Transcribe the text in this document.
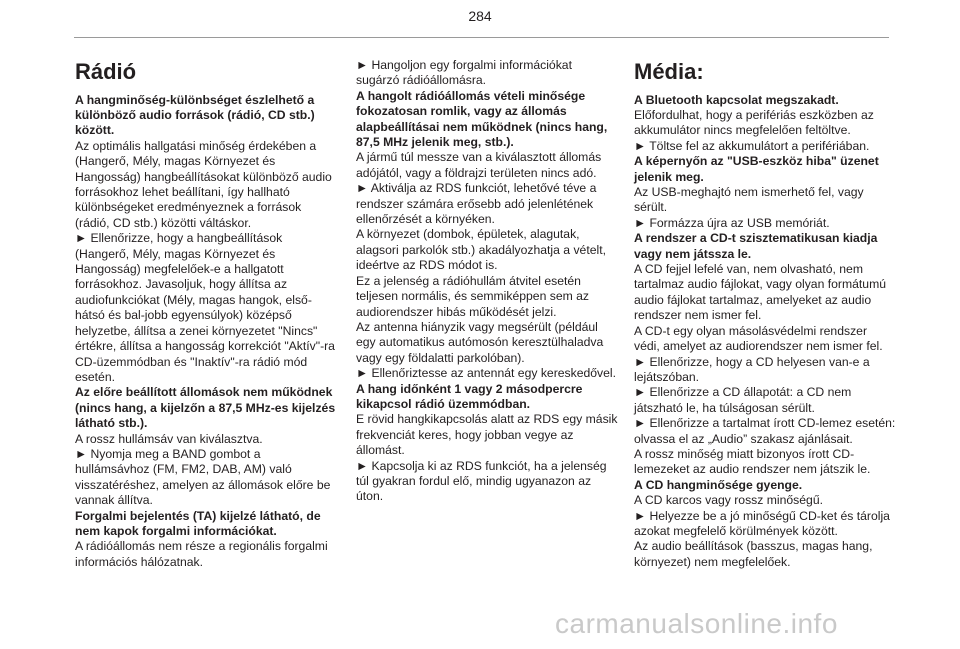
284
Rádió

A hangminőség-különbséget észlelhető a különböző audio források (rádió, CD stb.) között.

Az optimális hallgatási minőség érdekében a (Hangerő, Mély, magas Környezet és Hangosság) hangbeállításokat különböző audio forrásokhoz lehet beállítani, így hallható különbségeket eredményeznek a források (rádió, CD stb.) közötti váltáskor.

► Ellenőrizze, hogy a hangbeállítások (Hangerő, Mély, magas Környezet és Hangosság) megfelelőek-e a hallgatott forrásokhoz. Javasoljuk, hogy állítsa az audiofunkciókat (Mély, magas hangok, első-hátsó és bal-jobb egyensúlyok) középső helyzetbe, állítsa a zenei környezetet "Nincs" értékre, állítsa a hangosság korrekciót "Aktív"-ra CD-üzemmódban és "Inaktív"-ra rádió mód esetén.

Az előre beállított állomások nem működnek (nincs hang, a kijelzőn a 87,5 MHz-es kijelzés látható stb.).

A rossz hullámsáv van kiválasztva.

► Nyomja meg a BAND gombot a hullámsávhoz (FM, FM2, DAB, AM) való visszatéréshez, amelyen az állomások előre be vannak állítva.

Forgalmi bejelentés (TA) kijelzé látható, de nem kapok forgalmi információkat.

A rádióállomás nem része a regionális forgalmi információs hálózatnak.

► Hangoljon egy forgalmi információkat sugárzó rádióállomásra.

A hangolt rádióállomás vételi minősége fokozatosan romlik, vagy az állomás alapbeállításai nem működnek (nincs hang, 87,5 MHz jelenik meg, stb.).

A jármű túl messze van a kiválasztott állomás adójától, vagy a földrajzi területen nincs adó.

► Aktiválja az RDS funkciót, lehetővé téve a rendszer számára erősebb adó jelenlétének ellenőrzését a környéken.

A környezet (dombok, épületek, alagutak, alagsori parkolók stb.) akadályozhatja a vételt, ideértve az RDS módot is.

Ez a jelenség a rádióhullám átvitel esetén teljesen normális, és semmiképpen sem az audiorendszer hibás működését jelzi.

Az antenna hiányzik vagy megsérült (például egy automatikus autómosón keresztülhaladva vagy egy földalatti parkolóban).

► Ellenőriztesse az antennát egy kereskedővel.

A hang időnként 1 vagy 2 másodpercre kikapcsol rádió üzemmódban.

E rövid hangkikapcsolás alatt az RDS egy másik frekvenciát keres, hogy jobban vegye az állomást.

► Kapcsolja ki az RDS funkciót, ha a jelenség túl gyakran fordul elő, mindig ugyanazon az úton.

Média:

A Bluetooth kapcsolat megszakadt.

Előfordulhat, hogy a perifériás eszközben az akkumulátor nincs megfelelően feltöltve.

► Töltse fel az akkumulátort a perifériában.

A képernyőn az "USB-eszköz hiba" üzenet jelenik meg.

Az USB-meghajtó nem ismerhető fel, vagy sérült.

► Formázza újra az USB memóriát.

A rendszer a CD-t szisztematikusan kiadja vagy nem játssza le.

A CD fejjel lefelé van, nem olvasható, nem tartalmaz audio fájlokat, vagy olyan formátumú audio fájlokat tartalmaz, amelyeket az audio rendszer nem ismer fel.

A CD-t egy olyan másolásvédelmi rendszer védi, amelyet az audiorendszer nem ismer fel.

► Ellenőrizze, hogy a CD helyesen van-e a lejátszóban.

► Ellenőrizze a CD állapotát: a CD nem játszható le, ha túlságosan sérült.

► Ellenőrizze a tartalmat írott CD-lemez esetén: olvassa el az „Audio” szakasz ajánlásait.

A rossz minőség miatt bizonyos írott CD-lemezeket az audio rendszer nem játszik le.

A CD hangminősége gyenge.

A CD karcos vagy rossz minőségű.

► Helyezze be a jó minőségű CD-ket és tárolja azokat megfelelő körülmények között.

Az audio beállítások (basszus, magas hang, környezet) nem megfelelőek.

carmanualsonline.info
